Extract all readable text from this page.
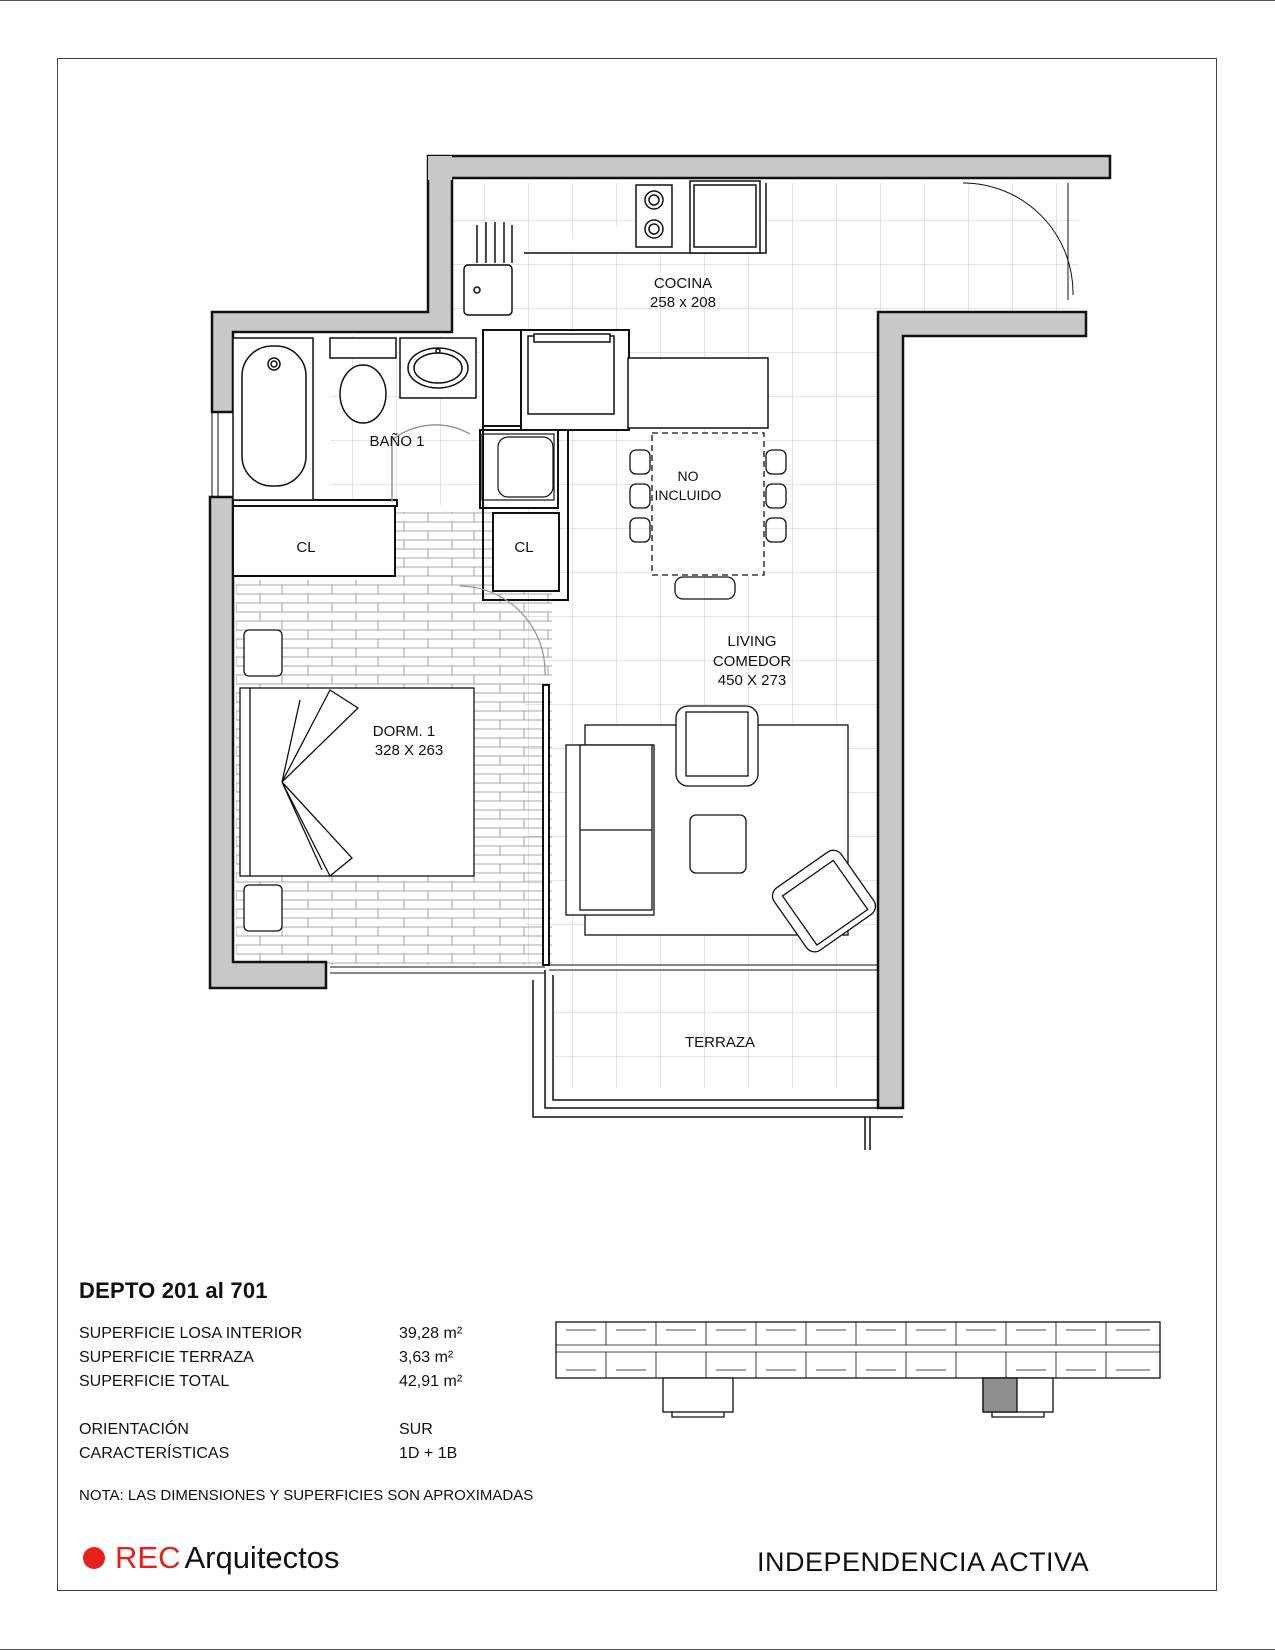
COCINA
258 x 208
BAÑO 1
CL	CL
NO
INCLUIDO
LIVING
COMEDOR
450 X 273
DORM. 1
328 X 263
TERRAZA
DEPTO 201 al 701
SUPERFICIE LOSA INTERIOR	39,28 m²
SUPERFICIE TERRAZA	3,63 m²
SUPERFICIE TOTAL	42,91 m²
ORIENTACIÓN	SUR
CARACTERÍSTICAS	1D + 1B
NOTA: LAS DIMENSIONES Y SUPERFICIES SON APROXIMADAS
REC Arquitectos	INDEPENDENCIA ACTIVA
